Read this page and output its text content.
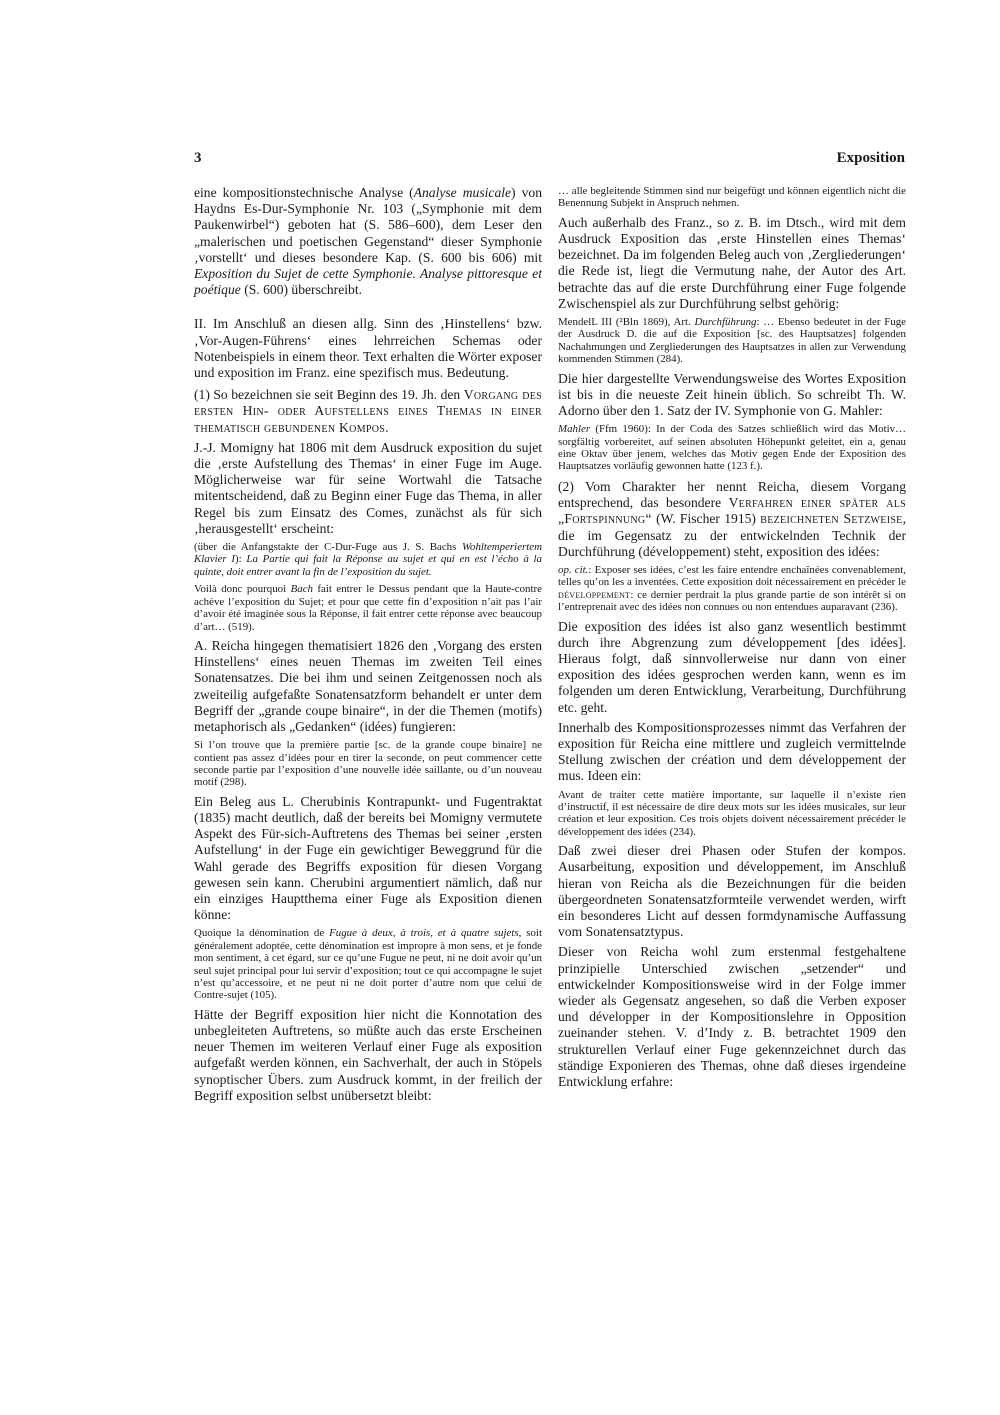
3	Exposition

eine kompositionstechnische Analyse (Analyse musicale) von Haydns Es-Dur-Symphonie Nr. 103 („Symphonie mit dem Paukenwirbel“) geboten hat (S. 586–600), dem Leser den „malerischen und poetischen Gegenstand“ dieser Symphonie ‚vorstellt‘ und dieses besondere Kap. (S. 600 bis 606) mit Exposition du Sujet de cette Symphonie. Analyse pittoresque et poétique (S. 600) überschreibt.

II. Im Anschluß an diesen allg. Sinn des ‚Hinstellens‘ bzw. ‚Vor-Augen-Führens‘ eines lehrreichen Schemas oder Notenbeispiels in einem theor. Text erhalten die Wörter exposer und exposition im Franz. eine spezifisch mus. Bedeutung.

(1) So bezeichnen sie seit Beginn des 19. Jh. den Vorgang des ersten Hin- oder Aufstellens eines Themas in einer thematisch gebundenen Kompos.

J.-J. Momigny hat 1806 mit dem Ausdruck exposition du sujet die ‚erste Aufstellung des Themas‘ in einer Fuge im Auge. Möglicherweise war für seine Wortwahl die Tatsache mitentscheidend, daß zu Beginn einer Fuge das Thema, in aller Regel bis zum Einsatz des Comes, zunächst als für sich ‚herausgestellt‘ erscheint:

(über die Anfangstakte der C-Dur-Fuge aus J. S. Bachs Wohltemperiertem Klavier I): La Partie qui fait la Réponse au sujet et qui en est l’écho à la quinte, doit entrer avant la fin de l’exposition du sujet.

Voilà donc pourquoi Bach fait entrer le Dessus pendant que la Haute-contre achève l’exposition du Sujet; et pour que cette fin d’exposition n’ait pas l’air d’avoir été imaginée sous la Réponse, il fait entrer cette réponse avec beaucoup d’art… (519).

A. Reicha hingegen thematisiert 1826 den ‚Vorgang des ersten Hinstellens‘ eines neuen Themas im zweiten Teil eines Sonatensatzes. Die bei ihm und seinen Zeitgenossen noch als zweiteilig aufgefaßte Sonatensatzform behandelt er unter dem Begriff der „grande coupe binaire“, in der die Themen (motifs) metaphorisch als „Gedanken“ (idées) fungieren:

Si l’on trouve que la première partie [sc. de la grande coupe binaire] ne contient pas assez d’idées pour en tirer la seconde, on peut commencer cette seconde partie par l’exposition d’une nouvelle idée saillante, ou d’un nouveau motif (298).

Ein Beleg aus L. Cherubinis Kontrapunkt- und Fugentraktat (1835) macht deutlich, daß der bereits bei Momigny vermutete Aspekt des Für-sich-Auftretens des Themas bei seiner ‚ersten Aufstellung‘ in der Fuge ein gewichtiger Beweggrund für die Wahl gerade des Begriffs exposition für diesen Vorgang gewesen sein kann. Cherubini argumentiert nämlich, daß nur ein einziges Hauptthema einer Fuge als Exposition dienen könne:

Quoique la dénomination de Fugue à deux, à trois, et à quatre sujets, soit généralement adoptée, cette dénomination est impropre à mon sens, et je fonde mon sentiment, à cet égard, sur ce qu’une Fugue ne peut, ni ne doit avoir qu’un seul sujet principal pour lui servir d’exposition; tout ce qui accompagne le sujet n’est qu’accessoire, et ne peut ni ne doit porter d’autre nom que celui de Contre-sujet (105).

Hätte der Begriff exposition hier nicht die Konnotation des unbegleiteten Auftretens, so müßte auch das erste Erscheinen neuer Themen im weiteren Verlauf einer Fuge als exposition aufgefaßt werden können, ein Sachverhalt, der auch in Stöpels synoptischer Übers. zum Ausdruck kommt, in der freilich der Begriff exposition selbst unübersetzt bleibt:

… alle begleitende Stimmen sind nur beigefügt und können eigentlich nicht die Benennung Subjekt in Anspruch nehmen.

Auch außerhalb des Franz., so z. B. im Dtsch., wird mit dem Ausdruck Exposition das ‚erste Hinstellen eines Themas‘ bezeichnet. Da im folgenden Beleg auch von ‚Zergliederungen‘ die Rede ist, liegt die Vermutung nahe, der Autor des Art. betrachte das auf die erste Durchführung einer Fuge folgende Zwischenspiel als zur Durchführung selbst gehörig:

MendelL III (²Bln 1869), Art. Durchführung: … Ebenso bedeutet in der Fuge der Ausdruck D. die auf die Exposition [sc. des Hauptsatzes] folgenden Nachahmungen und Zergliederungen des Hauptsatzes in allen zur Verwendung kommenden Stimmen (284).

Die hier dargestellte Verwendungsweise des Wortes Exposition ist bis in die neueste Zeit hinein üblich. So schreibt Th. W. Adorno über den 1. Satz der IV. Symphonie von G. Mahler:

Mahler (Ffm 1960): In der Coda des Satzes schließlich wird das Motiv… sorgfältig vorbereitet, auf seinen absoluten Höhepunkt geleitet, ein a, genau eine Oktav über jenem, welches das Motiv gegen Ende der Exposition des Hauptsatzes vorläufig gewonnen hatte (123 f.).

(2) Vom Charakter her nennt Reicha, diesem Vorgang entsprechend, das besondere Verfahren einer später als „Fortspinnung“ (W. Fischer 1915) bezeichneten Setzweise, die im Gegensatz zu der entwickelnden Technik der Durchführung (développement) steht, exposition des idées:

op. cit.: Exposer ses idées, c’est les faire entendre enchaînées convenablement, telles qu’on les a inventées. Cette exposition doit nécessairement en précéder le développement: ce dernier perdrait la plus grande partie de son intérêt si on l’entreprenait avec des idées non connues ou non entendues auparavant (236).

Die exposition des idées ist also ganz wesentlich bestimmt durch ihre Abgrenzung zum développement [des idées]. Hieraus folgt, daß sinnvollerweise nur dann von einer exposition des idées gesprochen werden kann, wenn es im folgenden um deren Entwicklung, Verarbeitung, Durchführung etc. geht.

Innerhalb des Kompositionsprozesses nimmt das Verfahren der exposition für Reicha eine mittlere und zugleich vermittelnde Stellung zwischen der création und dem développement der mus. Ideen ein:

Avant de traiter cette matière importante, sur laquelle il n’existe rien d’instructif, il est nécessaire de dire deux mots sur les idées musicales, sur leur création et leur exposition. Ces trois objets doivent nécessairement précéder le développement des idées (234).

Daß zwei dieser drei Phasen oder Stufen der kompos. Ausarbeitung, exposition und développement, im Anschluß hieran von Reicha als die Bezeichnungen für die beiden übergeordneten Sonatensatzformteile verwendet werden, wirft ein besonderes Licht auf dessen formdynamische Auffassung vom Sonatensatztypus.

Dieser von Reicha wohl zum erstenmal festgehaltene prinzipielle Unterschied zwischen „setzender“ und entwickelnder Kompositionsweise wird in der Folge immer wieder als Gegensatz angesehen, so daß die Verben exposer und développer in der Kompositionslehre in Opposition zueinander stehen. V. d’Indy z. B. betrachtet 1909 den strukturellen Verlauf einer Fuge gekennzeichnet durch das ständige Exponieren des Themas, ohne daß dieses irgendeine Entwicklung erfahre:
